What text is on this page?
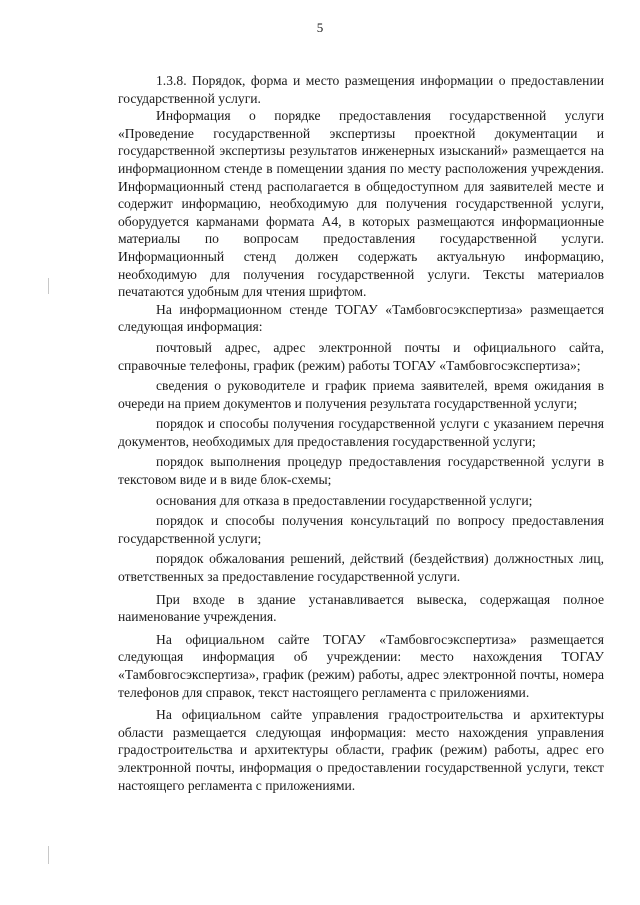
5

1.3.8. Порядок, форма и место размещения информации о предоставлении государственной услуги.

Информация о порядке предоставления государственной услуги «Проведение государственной экспертизы проектной документации и государственной экспертизы результатов инженерных изысканий» размещается на информационном стенде в помещении здания по месту расположения учреждения. Информационный стенд располагается в общедоступном для заявителей месте и содержит информацию, необходимую для получения государственной услуги, оборудуется карманами формата А4, в которых размещаются информационные материалы по вопросам предоставления государственной услуги. Информационный стенд должен содержать актуальную информацию, необходимую для получения государственной услуги. Тексты материалов печатаются удобным для чтения шрифтом.

На информационном стенде ТОГАУ «Тамбовгосэкспертиза» размещается следующая информация:

почтовый адрес, адрес электронной почты и официального сайта, справочные телефоны, график (режим) работы ТОГАУ «Тамбовгосэкспертиза»;

сведения о руководителе и график приема заявителей, время ожидания в очереди на прием документов и получения результата государственной услуги;

порядок и способы получения государственной услуги с указанием перечня документов, необходимых для предоставления государственной услуги;

порядок выполнения процедур предоставления государственной услуги в текстовом виде и в виде блок-схемы;

основания для отказа в предоставлении государственной услуги;

порядок и способы получения консультаций по вопросу предоставления государственной услуги;

порядок обжалования решений, действий (бездействия) должностных лиц, ответственных за предоставление государственной услуги.

При входе в здание устанавливается вывеска, содержащая полное наименование учреждения.

На официальном сайте ТОГАУ «Тамбовгосэкспертиза» размещается следующая информация об учреждении: место нахождения ТОГАУ «Тамбовгосэкспертиза», график (режим) работы, адрес электронной почты, номера телефонов для справок, текст настоящего регламента с приложениями.

На официальном сайте управления градостроительства и архитектуры области размещается следующая информация: место нахождения управления градостроительства и архитектуры области, график (режим) работы, адрес его электронной почты, информация о предоставлении государственной услуги, текст настоящего регламента с приложениями.
